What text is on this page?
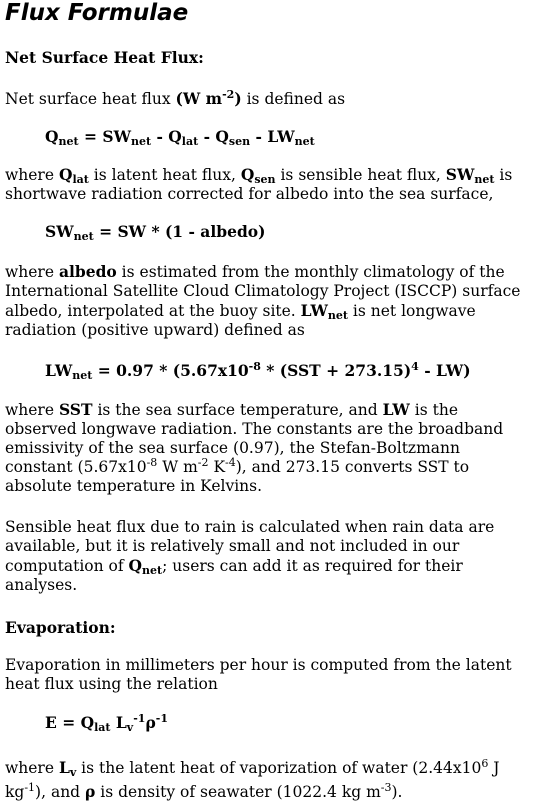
Flux Formulae
Net Surface Heat Flux:
Net surface heat flux (W $m^{-2}$) is defined as
$Q_{net} = SW_{net} - Q_{lat} - Q_{sen} - LW_{net}$
where $Q_{lat}$ is latent heat flux, $Q_{sen}$ is sensible heat flux, $SW_{net}$ is
shortwave radiation corrected for albedo into the sea surface,
$SW_{net}$ = SW * (1 - albedo)
where albedo is estimated from the monthly climatology of the
International Satellite Cloud Climatology Project (ISCCP) surface
albedo, interpolated at the buoy site. $LW_{net}$ is net longwave
radiation (positive upward) defined as
$LW_{net} = 0.97 * (5.67x10^{-8} * (SST + 273.15)^4 - LW)$
where SST is the sea surface temperature, and LW is the
observed longwave radiation. The constants are the broadband
emissivity of the sea surface (0.97), the Stefan-Boltzmann
constant ($5.67x10^{-8}$ W $m^{-2}$ $K^{-4}$), and 273.15 converts SST to
absolute temperature in Kelvins.
Sensible heat flux due to rain is calculated when rain data are
available, but it is relatively small and not included in our
computation of $Q_{net}$; users can add it as required for their
analyses.
Evaporation:
Evaporation in millimeters per hour is computed from the latent
heat flux using the relation
$E = Q_{lat}$ $L_v^{-1}\rho^{-1}$
where $L_v$ is the latent heat of vaporization of water ($2.44x10^6$ J
$kg^{-1}$), and ρ is density of seawater (1022.4 kg $m^{-3}$).
